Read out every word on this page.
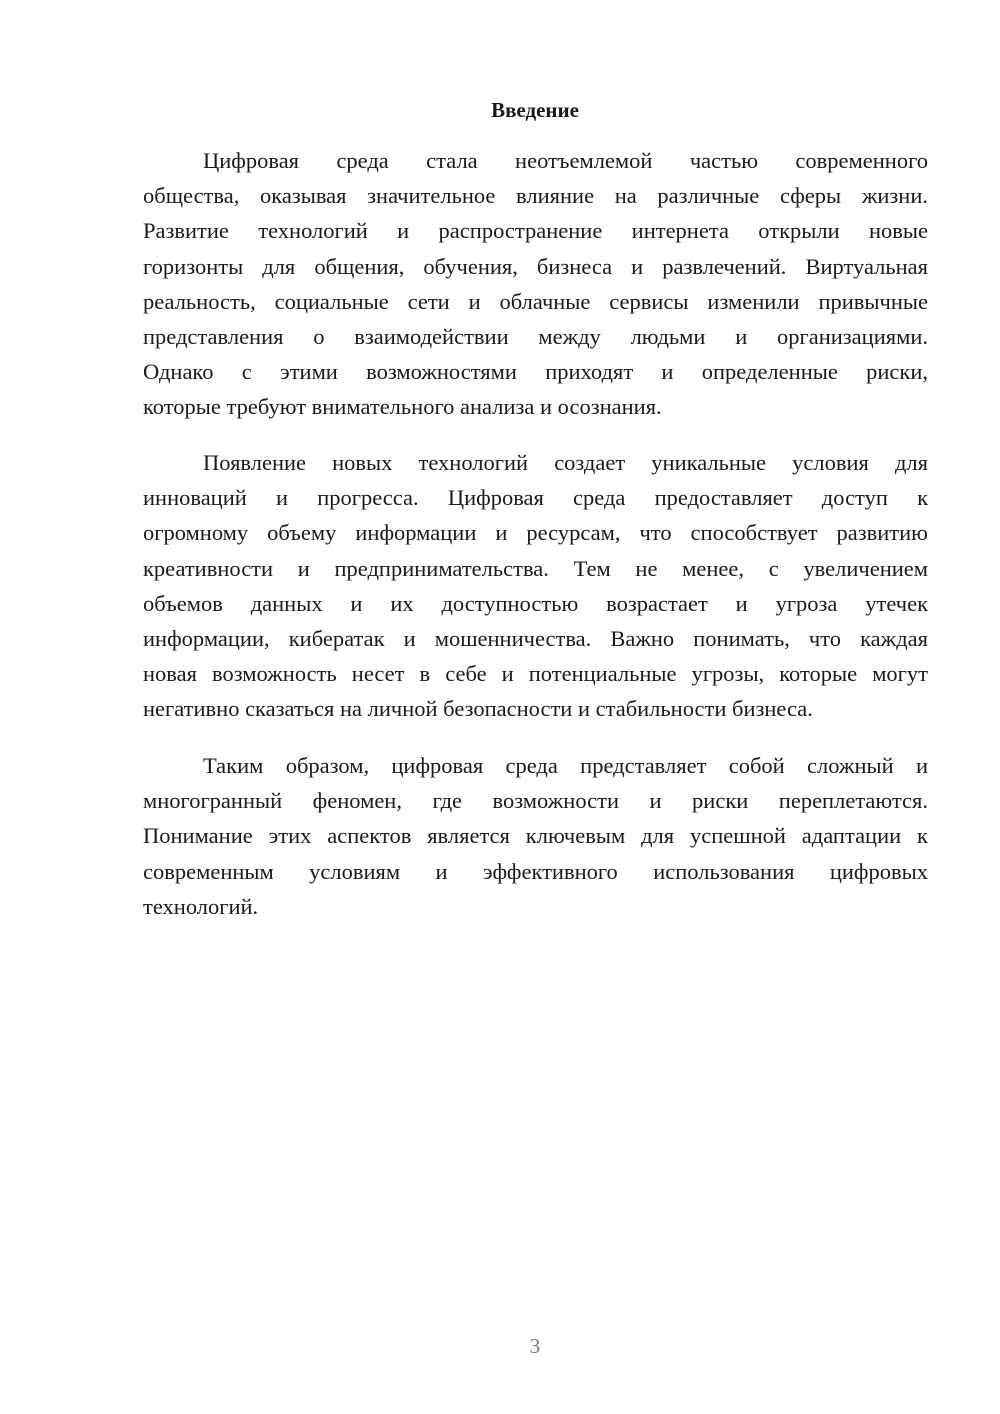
Введение
Цифровая среда стала неотъемлемой частью современного
общества, оказывая значительное влияние на различные сферы жизни.
Развитие технологий и распространение интернета открыли новые
горизонты для общения, обучения, бизнеса и развлечений. Виртуальная
реальность, социальные сети и облачные сервисы изменили привычные
представления о взаимодействии между людьми и организациями.
Однако с этими возможностями приходят и определенные риски,
которые требуют внимательного анализа и осознания.
Появление новых технологий создает уникальные условия для
инноваций и прогресса. Цифровая среда предоставляет доступ к
огромному объему информации и ресурсам, что способствует развитию
креативности и предпринимательства. Тем не менее, с увеличением
объемов данных и их доступностью возрастает и угроза утечек
информации, кибератак и мошенничества. Важно понимать, что каждая
новая возможность несет в себе и потенциальные угрозы, которые могут
негативно сказаться на личной безопасности и стабильности бизнеса.
Таким образом, цифровая среда представляет собой сложный и
многогранный феномен, где возможности и риски переплетаются.
Понимание этих аспектов является ключевым для успешной адаптации к
современным условиям и эффективного использования цифровых
технологий.
3
